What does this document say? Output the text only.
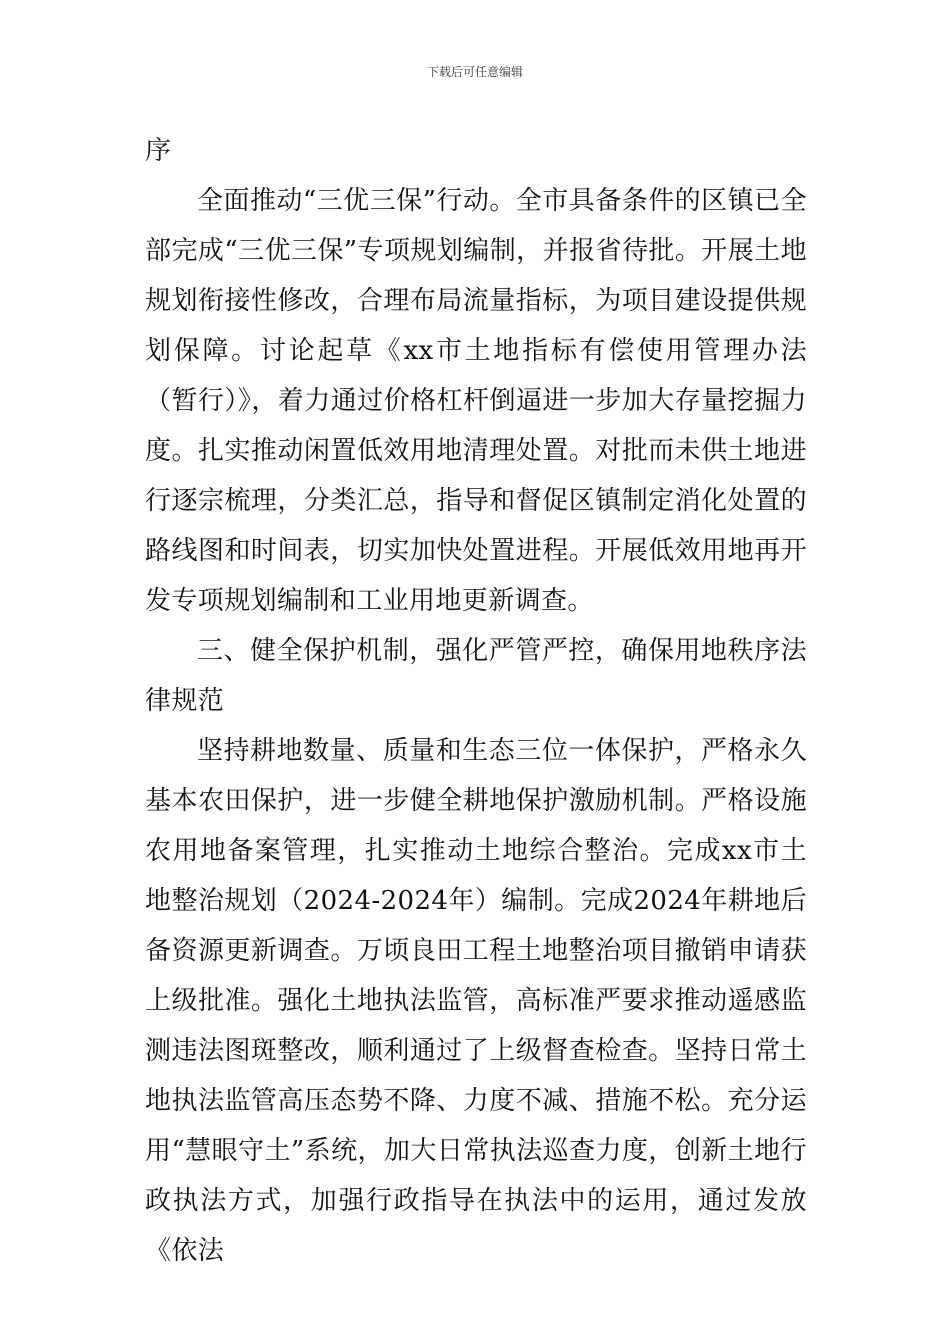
下载后可任意编辑

序

全面推动“三优三保”行动。全市具备条件的区镇已全部完成“三优三保”专项规划编制，并报省待批。开展土地规划衔接性修改，合理布局流量指标，为项目建设提供规划保障。讨论起草《xx市土地指标有偿使用管理办法（暂行）》，着力通过价格杠杆倒逼进一步加大存量挖掘力度。扎实推动闲置低效用地清理处置。对批而未供土地进行逐宗梳理，分类汇总，指导和督促区镇制定消化处置的路线图和时间表，切实加快处置进程。开展低效用地再开发专项规划编制和工业用地更新调查。

三、健全保护机制，强化严管严控，确保用地秩序法律规范

坚持耕地数量、质量和生态三位一体保护，严格永久基本农田保护，进一步健全耕地保护激励机制。严格设施农用地备案管理，扎实推动土地综合整治。完成xx市土地整治规划（2024-2024年）编制。完成2024年耕地后备资源更新调查。万顷良田工程土地整治项目撤销申请获上级批准。强化土地执法监管，高标准严要求推动遥感监测违法图斑整改，顺利通过了上级督查检查。坚持日常土地执法监管高压态势不降、力度不减、措施不松。充分运用“慧眼守土”系统，加大日常执法巡查力度，创新土地行政执法方式，加强行政指导在执法中的运用，通过发放《依法
